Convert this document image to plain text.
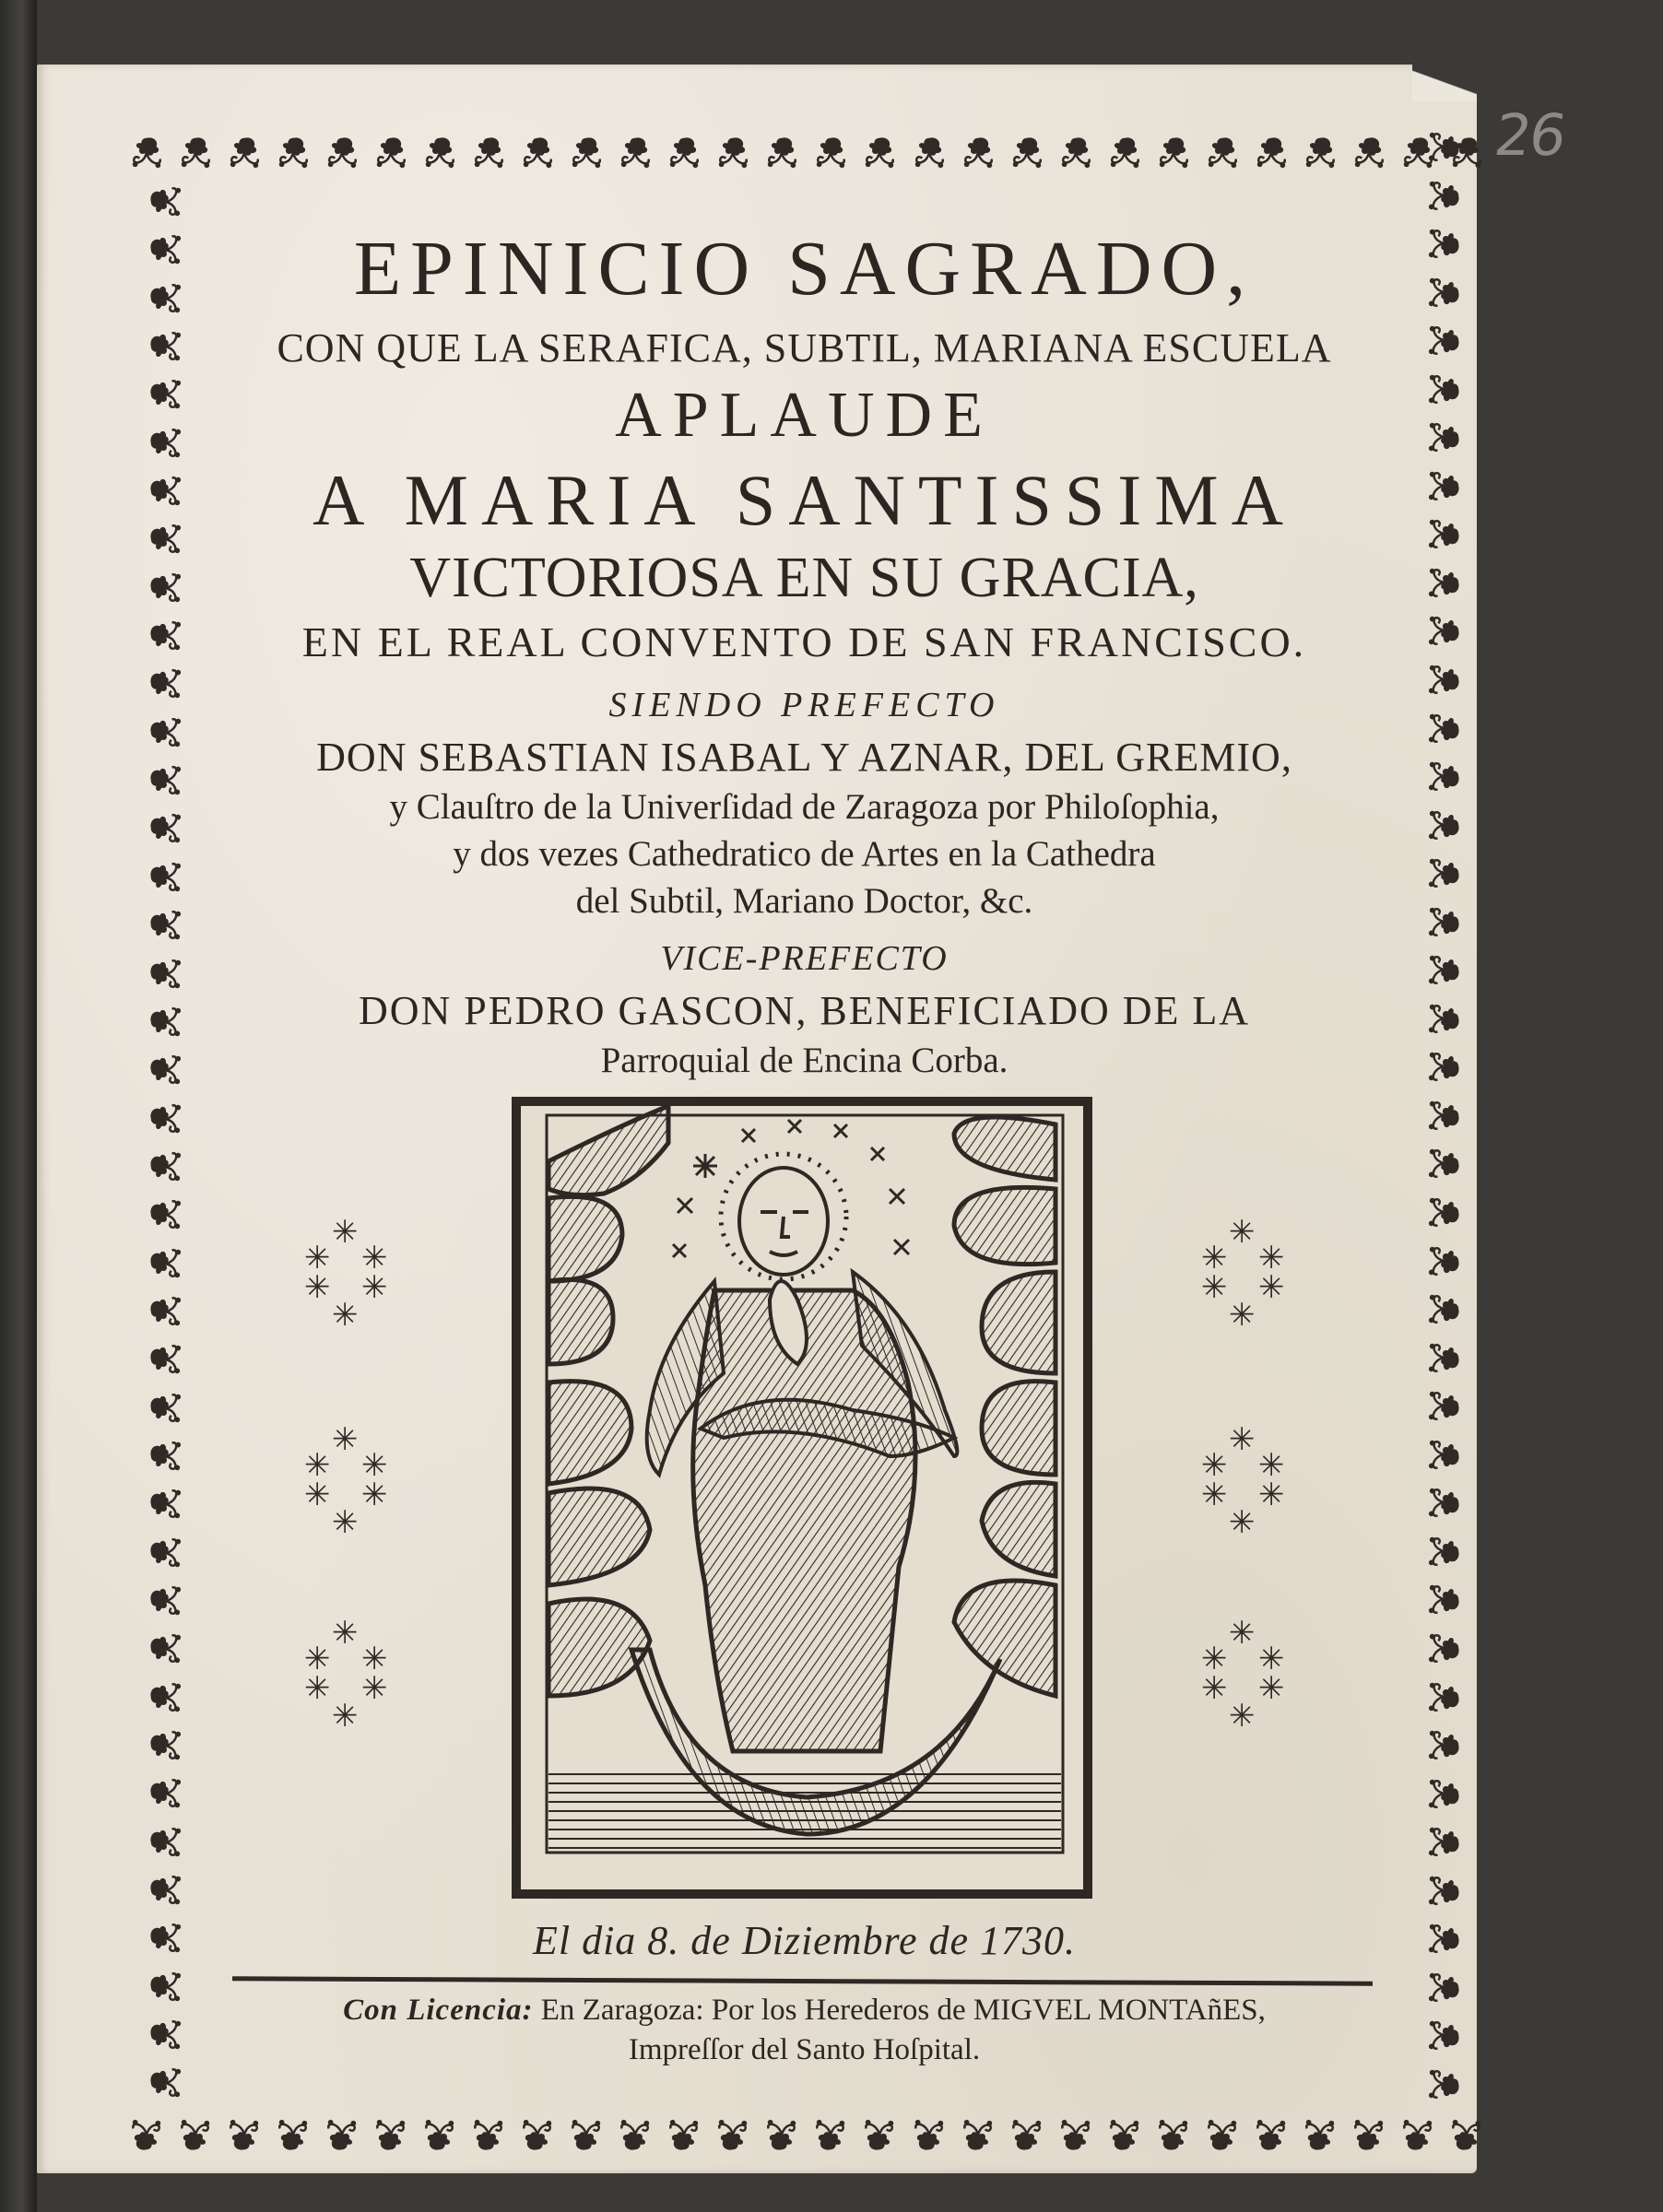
26
EPINICIO SAGRADO,
CON QUE LA SERAFICA, SUBTIL, MARIANA ESCUELA
APLAUDE
A MARIA SANTISSIMA
VICTORIOSA EN SU GRACIA,
EN EL REAL CONVENTO DE SAN FRANCISCO.
SIENDO PREFECTO
DON SEBASTIAN ISABAL Y AZNAR, DEL GREMIO,
y Clauſtro de la Univerſidad de Zaragoza por Philoſophia,
y dos vezes Cathedratico de Artes en la Cathedra
del Subtil, Mariano Doctor, &c.
VICE-PREFECTO
DON PEDRO GASCON, BENEFICIADO DE LA
Parroquial de Encina Corba.
✳
✳ ✳
✳ ✳
✳
✳
✳ ✳
✳ ✳
✳
✳
✳ ✳
✳ ✳
✳
✳
✳ ✳
✳ ✳
✳
✳
✳ ✳
✳ ✳
✳
✳
✳ ✳
✳ ✳
✳
El dia 8. de Diziembre de 1730.
Con Licencia: En Zaragoza: Por los Herederos de MIGVEL MONTAñES,
Impreſſor del Santo Hoſpital.
